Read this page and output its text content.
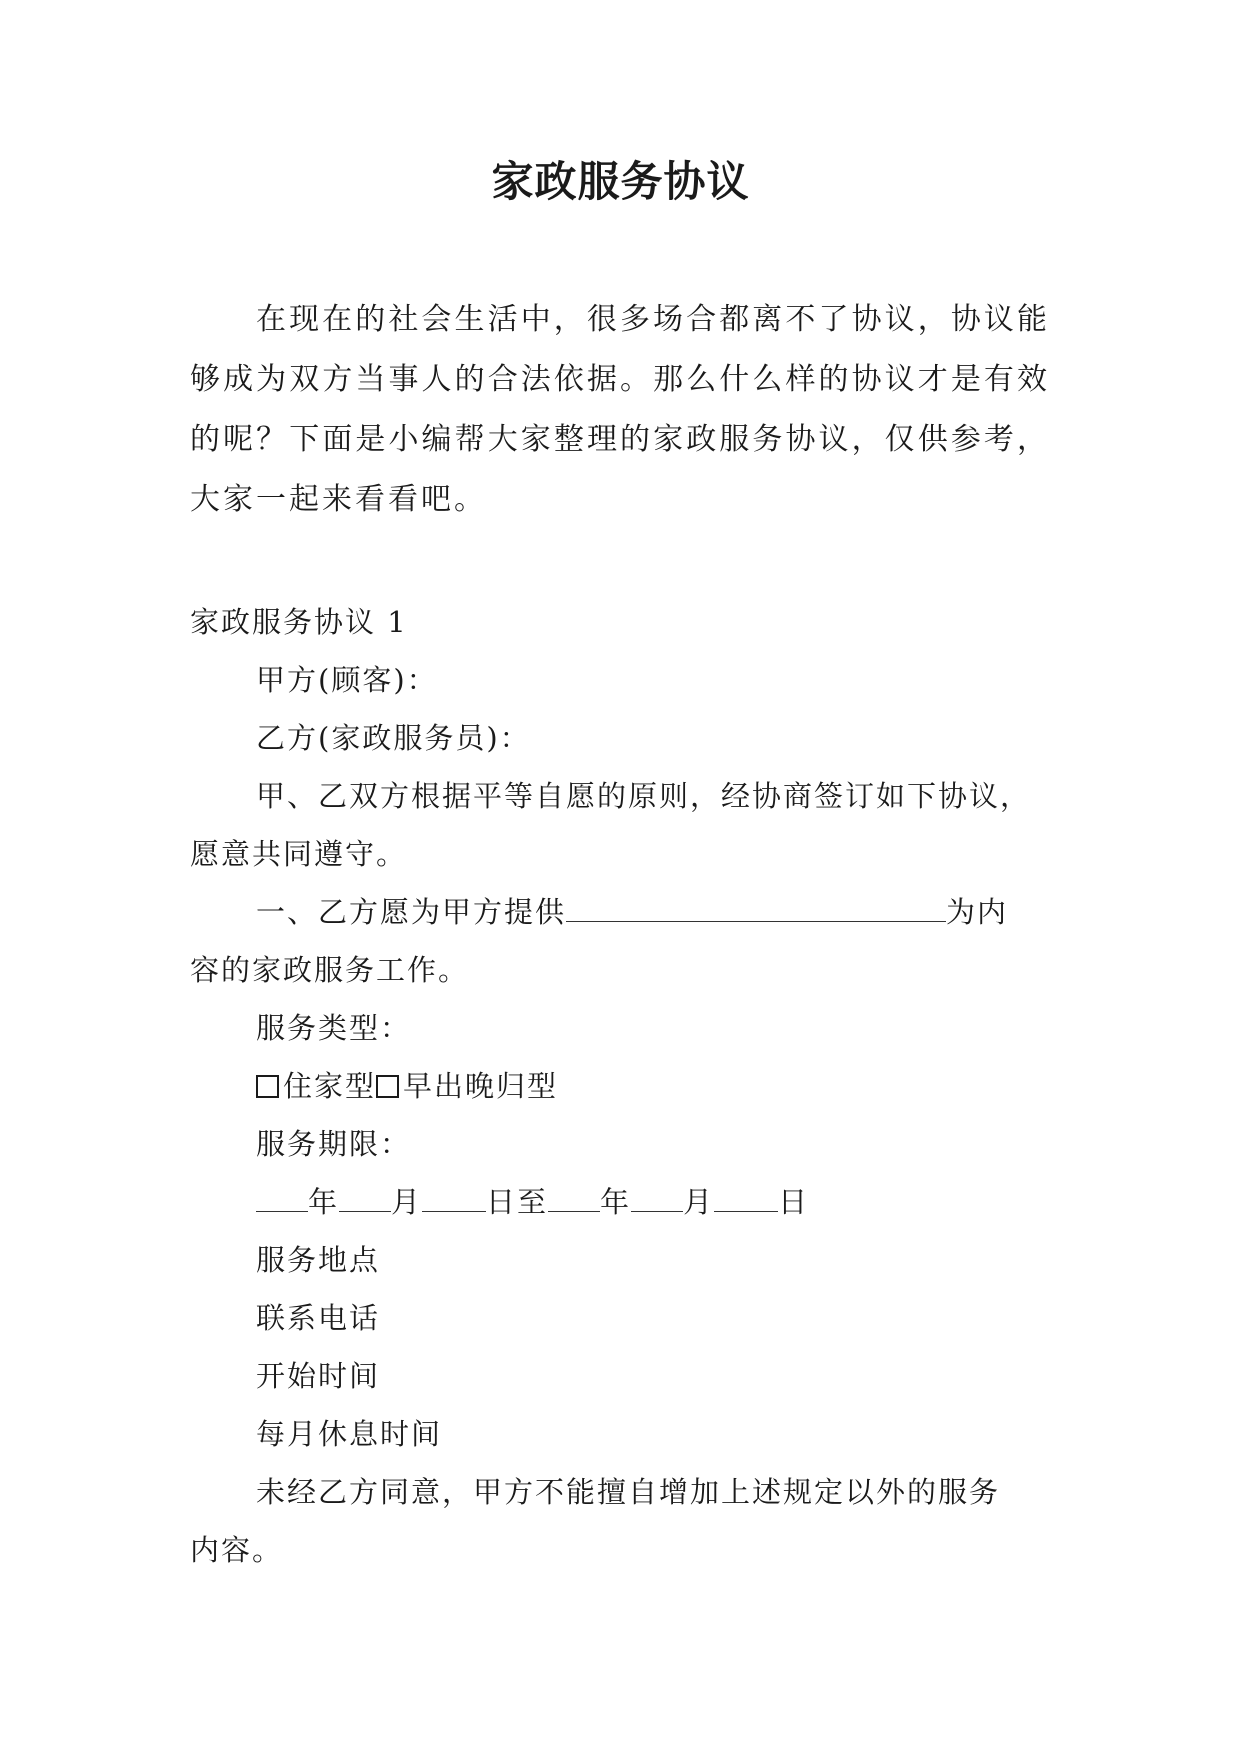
家政服务协议

在现在的社会生活中，很多场合都离不了协议，协议能够成为双方当事人的合法依据。那么什么样的协议才是有效的呢？下面是小编帮大家整理的家政服务协议，仅供参考，大家一起来看看吧。

家政服务协议 1
甲方(顾客)：
乙方(家政服务员)：
甲、乙双方根据平等自愿的原则，经协商签订如下协议，
愿意共同遵守。
一、乙方愿为甲方提供	为内
容的家政服务工作。
服务类型：
住家型 早出晚归型
服务期限：
年 月 日至 年 月 日
服务地点
联系电话
开始时间
每月休息时间
未经乙方同意，甲方不能擅自增加上述规定以外的服务
内容。
